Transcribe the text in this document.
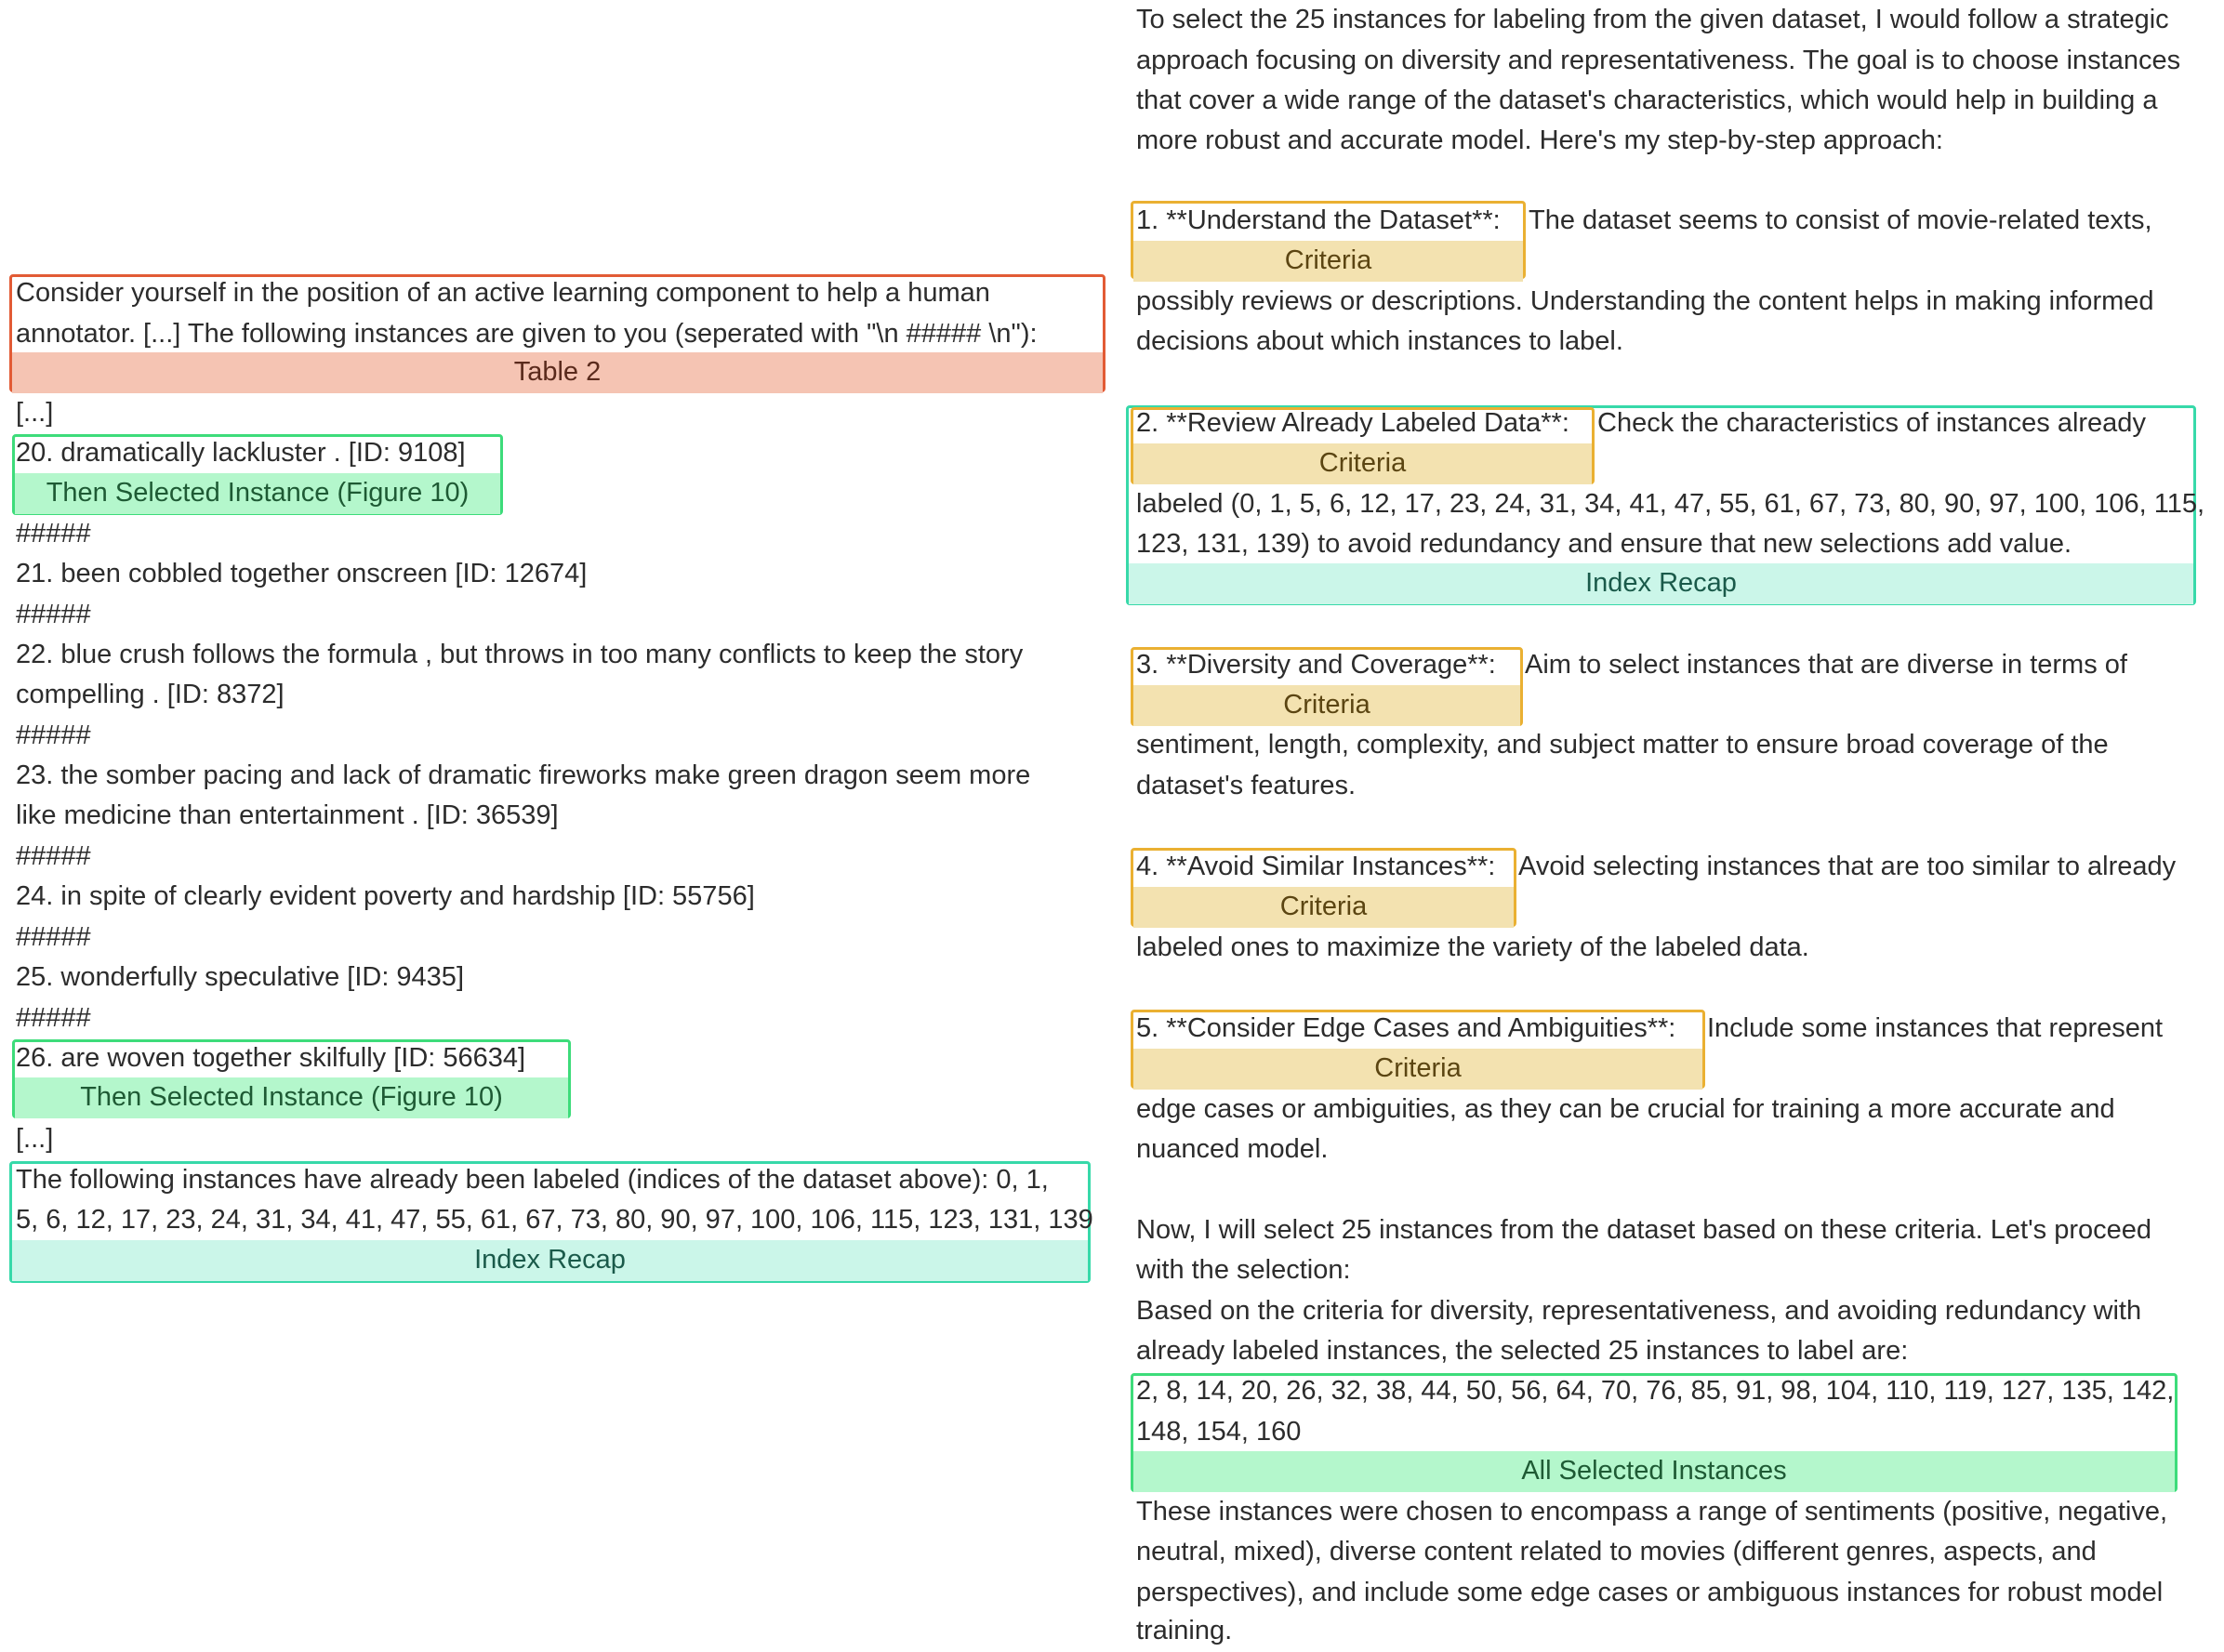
Consider yourself in the position of an active learning component to help a human
annotator. [...] The following instances are given to you (seperated with "\n ##### \n"):
Table 2
[...]
20. dramatically lackluster . [ID: 9108]
Then Selected Instance (Figure 10)
#####
21. been cobbled together onscreen [ID: 12674]
#####
22. blue crush follows the formula , but throws in too many conflicts to keep the story
compelling . [ID: 8372]
#####
23. the somber pacing and lack of dramatic fireworks make green dragon seem more
like medicine than entertainment . [ID: 36539]
#####
24. in spite of clearly evident poverty and hardship [ID: 55756]
#####
25. wonderfully speculative [ID: 9435]
#####
26. are woven together skilfully [ID: 56634]
Then Selected Instance (Figure 10)
[...]
The following instances have already been labeled (indices of the dataset above): 0, 1,
5, 6, 12, 17, 23, 24, 31, 34, 41, 47, 55, 61, 67, 73, 80, 90, 97, 100, 106, 115, 123, 131, 139
Index Recap
To select the 25 instances for labeling from the given dataset, I would follow a strategic
approach focusing on diversity and representativeness. The goal is to choose instances
that cover a wide range of the dataset's characteristics, which would help in building a
more robust and accurate model. Here's my step-by-step approach:
1. **Understand the Dataset**: The dataset seems to consist of movie-related texts,
Criteria
possibly reviews or descriptions. Understanding the content helps in making informed
decisions about which instances to label.
2. **Review Already Labeled Data**: Check the characteristics of instances already
Criteria
labeled (0, 1, 5, 6, 12, 17, 23, 24, 31, 34, 41, 47, 55, 61, 67, 73, 80, 90, 97, 100, 106, 115,
123, 131, 139) to avoid redundancy and ensure that new selections add value.
Index Recap
3. **Diversity and Coverage**: Aim to select instances that are diverse in terms of
Criteria
sentiment, length, complexity, and subject matter to ensure broad coverage of the
dataset's features.
4. **Avoid Similar Instances**: Avoid selecting instances that are too similar to already
Criteria
labeled ones to maximize the variety of the labeled data.
5. **Consider Edge Cases and Ambiguities**: Include some instances that represent
Criteria
edge cases or ambiguities, as they can be crucial for training a more accurate and
nuanced model.
Now, I will select 25 instances from the dataset based on these criteria. Let's proceed
with the selection:
Based on the criteria for diversity, representativeness, and avoiding redundancy with
already labeled instances, the selected 25 instances to label are:
2, 8, 14, 20, 26, 32, 38, 44, 50, 56, 64, 70, 76, 85, 91, 98, 104, 110, 119, 127, 135, 142,
148, 154, 160
All Selected Instances
These instances were chosen to encompass a range of sentiments (positive, negative,
neutral, mixed), diverse content related to movies (different genres, aspects, and
perspectives), and include some edge cases or ambiguous instances for robust model
training.
